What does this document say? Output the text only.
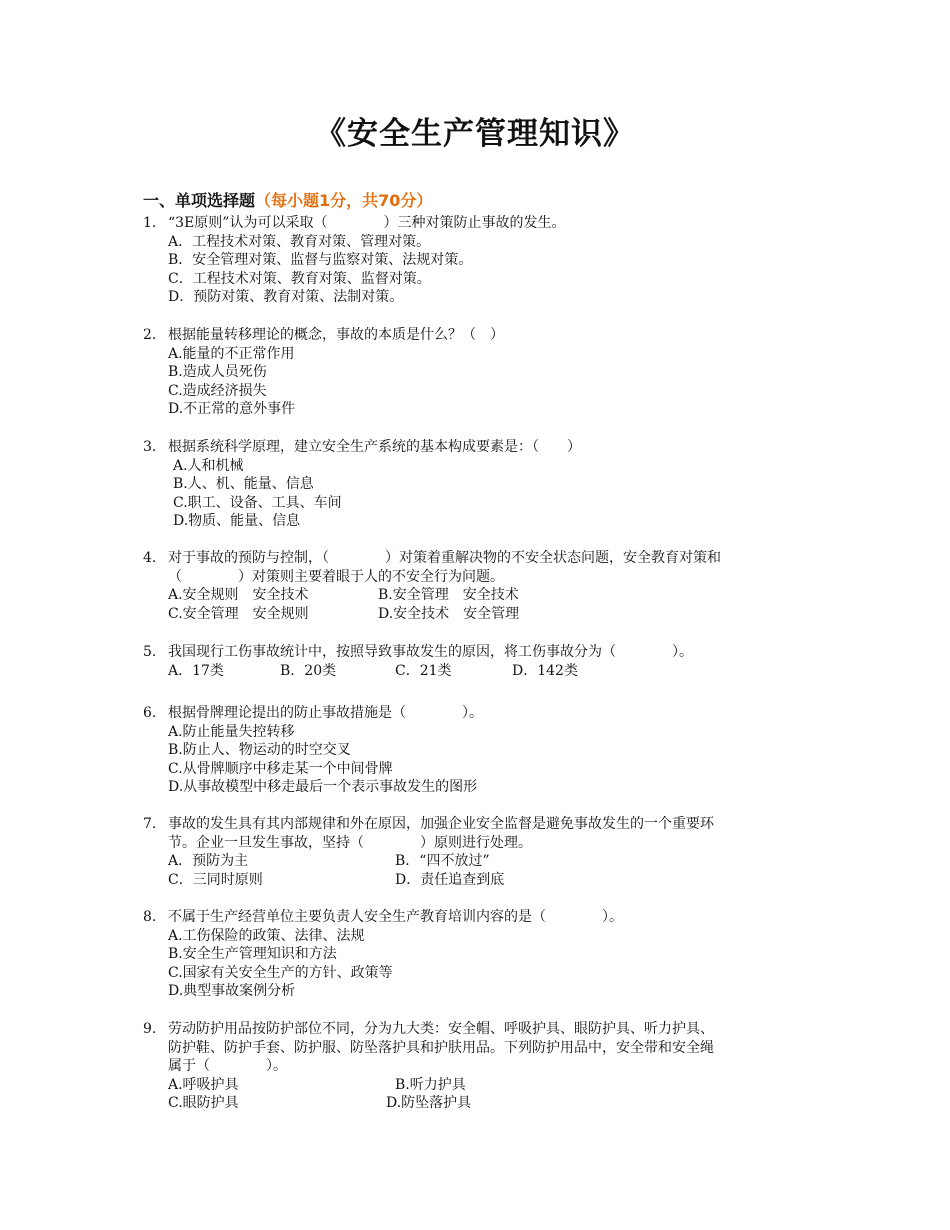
《安全生产管理知识》
一、单项选择题（每小题1分，共70分）
1. “3E原则”认为可以采取（　　　　）三种对策防止事故的发生。
A．工程技术对策、教育对策、管理对策。
B．安全管理对策、监督与监察对策、法规对策。
C．工程技术对策、教育对策、监督对策。
D．预防对策、教育对策、法制对策。
2. 根据能量转移理论的概念，事故的本质是什么？（　）
A.能量的不正常作用
B.造成人员死伤
C.造成经济损失
D.不正常的意外事件
3. 根据系统科学原理，建立安全生产系统的基本构成要素是：（　　）
A.人和机械
B.人、机、能量、信息
C.职工、设备、工具、车间
D.物质、能量、信息
4. 对于事故的预防与控制，（　　　　）对策着重解决物的不安全状态问题，安全教育对策和
（　　　　）对策则主要着眼于人的不安全行为问题。
A.安全规则　安全技术	B.安全管理　安全技术
C.安全管理　安全规则	D.安全技术　安全管理
5. 我国现行工伤事故统计中，按照导致事故发生的原因，将工伤事故分为（　　　　）。
A．17类	B．20类	C．21类	D．142类
6. 根据骨牌理论提出的防止事故措施是（　　　　）。
A.防止能量失控转移
B.防止人、物运动的时空交叉
C.从骨牌顺序中移走某一个中间骨牌
D.从事故模型中移走最后一个表示事故发生的图形
7. 事故的发生具有其内部规律和外在原因，加强企业安全监督是避免事故发生的一个重要环
节。企业一旦发生事故，坚持（　　　　）原则进行处理。
A．预防为主	B．“四不放过”
C．三同时原则	D．责任追查到底
8. 不属于生产经营单位主要负责人安全生产教育培训内容的是（　　　　）。
A.工伤保险的政策、法律、法规
B.安全生产管理知识和方法
C.国家有关安全生产的方针、政策等
D.典型事故案例分析
9. 劳动防护用品按防护部位不同，分为九大类：安全帽、呼吸护具、眼防护具、听力护具、
防护鞋、防护手套、防护服、防坠落护具和护肤用品。下列防护用品中，安全带和安全绳
属于（　　　　）。
A.呼吸护具	B.听力护具
C.眼防护具	D.防坠落护具
